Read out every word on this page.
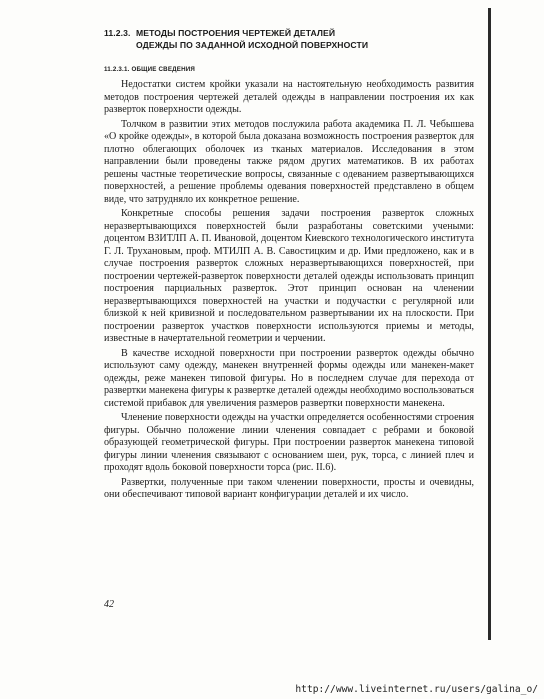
11.2.3. МЕТОДЫ ПОСТРОЕНИЯ ЧЕРТЕЖЕЙ ДЕТАЛЕЙ
ОДЕЖДЫ ПО ЗАДАННОЙ ИСХОДНОЙ ПОВЕРХНОСТИ
11.2.3.1. ОБЩИЕ СВЕДЕНИЯ

Недостатки систем кройки указали на настоятельную необходимость развития методов построения чертежей деталей одежды в направлении построения их как разверток поверхности одежды.

Толчком в развитии этих методов послужила работа академика П. Л. Чебышева «О кройке одежды», в которой была доказана возможность построения разверток для плотно облегающих оболочек из тканых материалов. Исследования в этом направлении были проведены также рядом других математиков. В их работах решены частные теоретические вопросы, связанные с одеванием развертывающихся поверхностей, а решение проблемы одевания поверхностей представлено в общем виде, что затрудняло их конкретное решение.

Конкретные способы решения задачи построения разверток сложных неразвертывающихся поверхностей были разработаны советскими учеными: доцентом ВЗИТЛП А. П. Ивановой, доцентом Киевского технологического института Г. Л. Трухановым, проф. МТИЛП А. В. Савостицким и др. Ими предложено, как и в случае построения разверток сложных неразвертывающихся поверхностей, при построении чертежей-разверток поверхности деталей одежды использовать принцип построения парциальных разверток. Этот принцип основан на членении неразвертывающихся поверхностей на участки и подучастки с регулярной или близкой к ней кривизной и последовательном развертывании их на плоскости. При построении разверток участков поверхности используются приемы и методы, известные в начертательной геометрии и черчении.

В качестве исходной поверхности при построении разверток одежды обычно используют саму одежду, манекен внутренней формы одежды или манекен-макет одежды, реже манекен типовой фигуры. Но в последнем случае для перехода от развертки манекена фигуры к развертке деталей одежды необходимо воспользоваться системой прибавок для увеличения размеров развертки поверхности манекена.

Членение поверхности одежды на участки определяется особенностями строения фигуры. Обычно положение линии членения совпадает с ребрами и боковой образующей геометрической фигуры. При построении разверток манекена типовой фигуры линии членения связывают с основанием шеи, рук, торса, с линией плеч и проходят вдоль боковой поверхности торса (рис. II.6).

Развертки, полученные при таком членении поверхности, просты и очевидны, они обеспечивают типовой вариант конфигурации деталей и их число.

42
http://www.liveinternet.ru/users/galina_o/
